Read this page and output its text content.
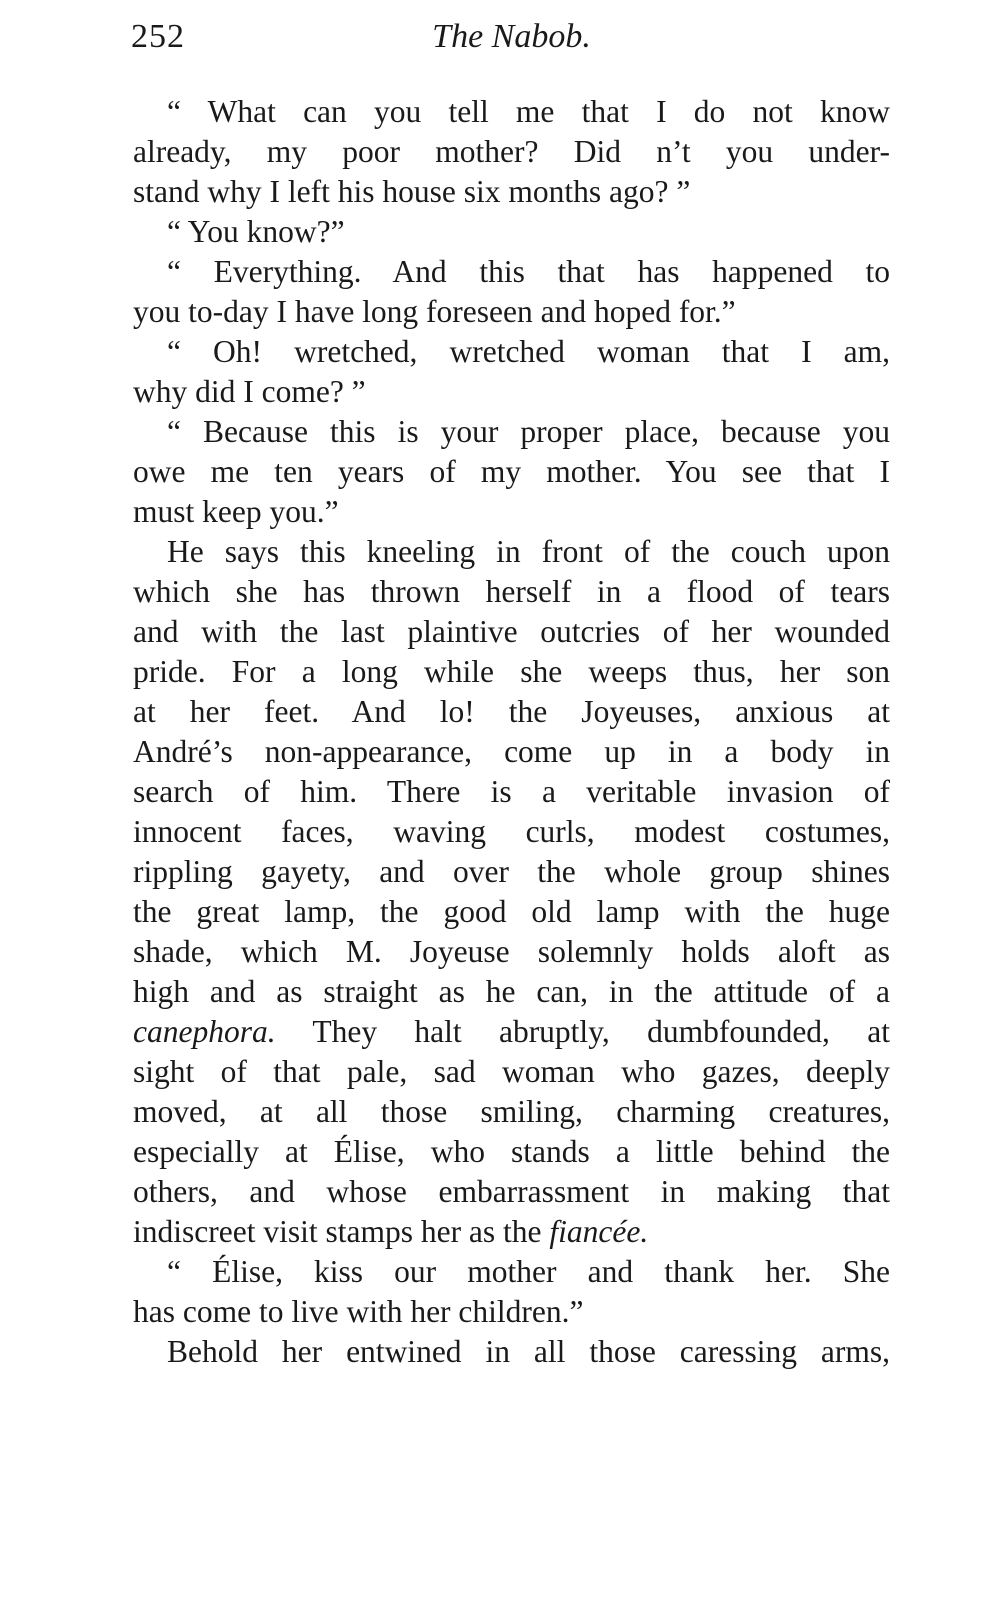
252	The Nabob.
“ What can you tell me that I do not know
already, my poor mother? Did n’t you under-
stand why I left his house six months ago? ”
“ You know?”
“ Everything. And this that has happened to
you to-day I have long foreseen and hoped for.”
“ Oh! wretched, wretched woman that I am,
why did I come? ”
“ Because this is your proper place, because you
owe me ten years of my mother. You see that I
must keep you.”
He says this kneeling in front of the couch upon
which she has thrown herself in a flood of tears
and with the last plaintive outcries of her wounded
pride. For a long while she weeps thus, her son
at her feet. And lo! the Joyeuses, anxious at
André’s non-appearance, come up in a body in
search of him. There is a veritable invasion of
innocent faces, waving curls, modest costumes,
rippling gayety, and over the whole group shines
the great lamp, the good old lamp with the huge
shade, which M. Joyeuse solemnly holds aloft as
high and as straight as he can, in the attitude of a
canephora. They halt abruptly, dumbfounded, at
sight of that pale, sad woman who gazes, deeply
moved, at all those smiling, charming creatures,
especially at Élise, who stands a little behind the
others, and whose embarrassment in making that
indiscreet visit stamps her as the fiancée.
“ Élise, kiss our mother and thank her. She
has come to live with her children.”
Behold her entwined in all those caressing arms,
